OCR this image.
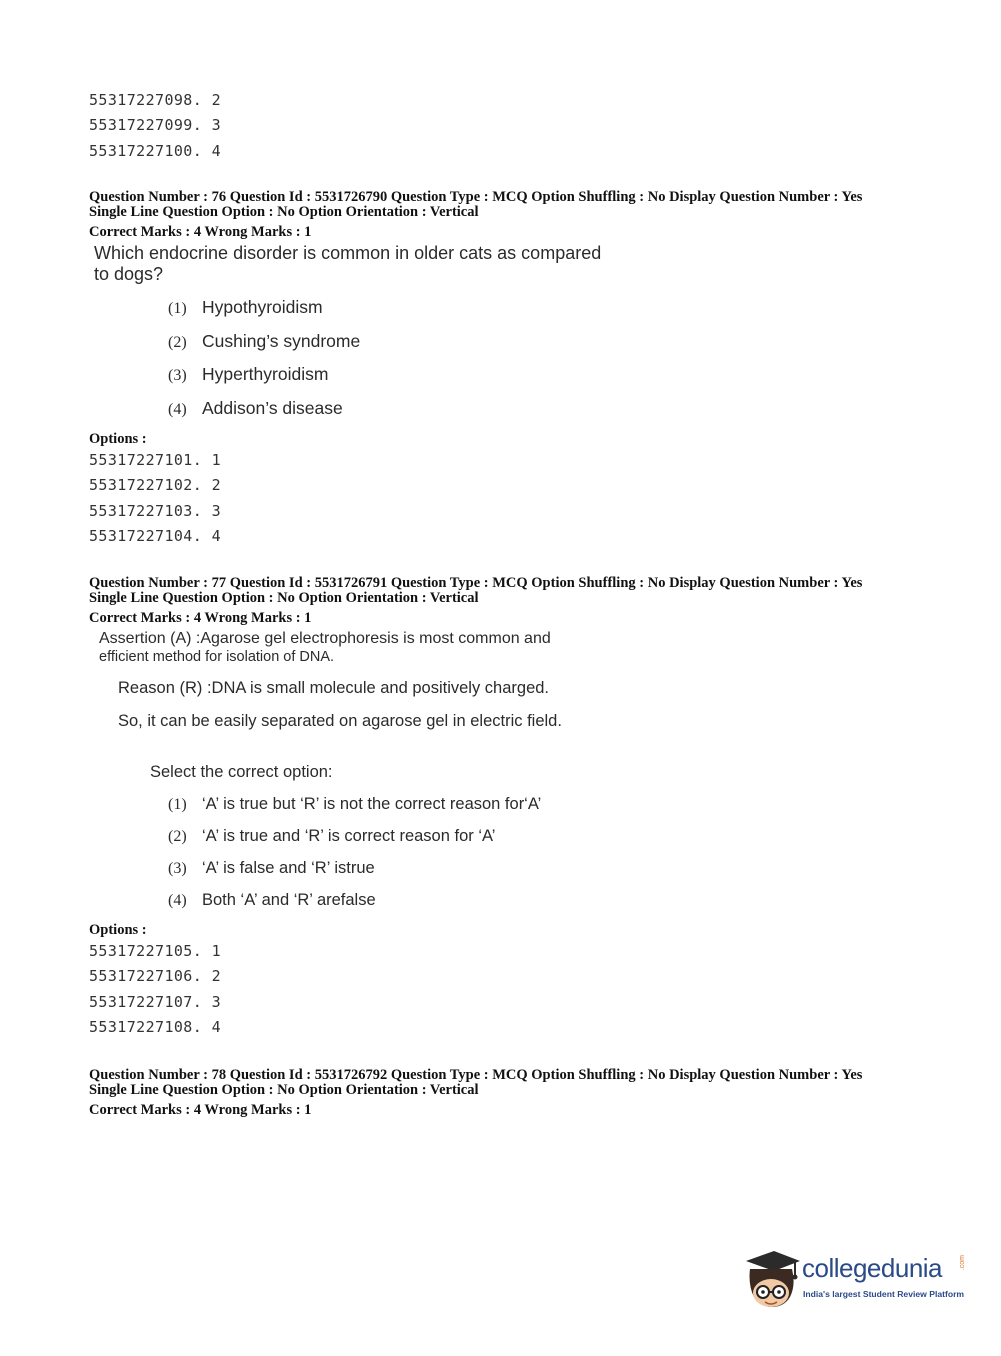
55317227098. 2
55317227099. 3
55317227100. 4
Question Number : 76 Question Id : 5531726790 Question Type : MCQ Option Shuffling : No Display Question Number : Yes
Single Line Question Option : No Option Orientation : Vertical
Correct Marks : 4 Wrong Marks : 1
Which endocrine disorder is common in older cats as compared
to dogs?
(1) Hypothyroidism
(2) Cushing’s syndrome
(3) Hyperthyroidism
(4) Addison’s disease
Options :
55317227101. 1
55317227102. 2
55317227103. 3
55317227104. 4
Question Number : 77 Question Id : 5531726791 Question Type : MCQ Option Shuffling : No Display Question Number : Yes
Single Line Question Option : No Option Orientation : Vertical
Correct Marks : 4 Wrong Marks : 1
Assertion (A) :Agarose gel electrophoresis is most common and
efficient method for isolation of DNA.
Reason (R) :DNA is small molecule and positively charged.
So, it can be easily separated on agarose gel in electric field.
Select the correct option:
(1) ‘A’ is true but ‘R’ is not the correct reason for‘A’
(2) ‘A’ is true and ‘R’ is correct reason for ‘A’
(3) ‘A’ is false and ‘R’ istrue
(4) Both ‘A’ and ‘R’ arefalse
Options :
55317227105. 1
55317227106. 2
55317227107. 3
55317227108. 4
Question Number : 78 Question Id : 5531726792 Question Type : MCQ Option Shuffling : No Display Question Number : Yes
Single Line Question Option : No Option Orientation : Vertical
Correct Marks : 4 Wrong Marks : 1
collegedunia .com
India's largest Student Review Platform
